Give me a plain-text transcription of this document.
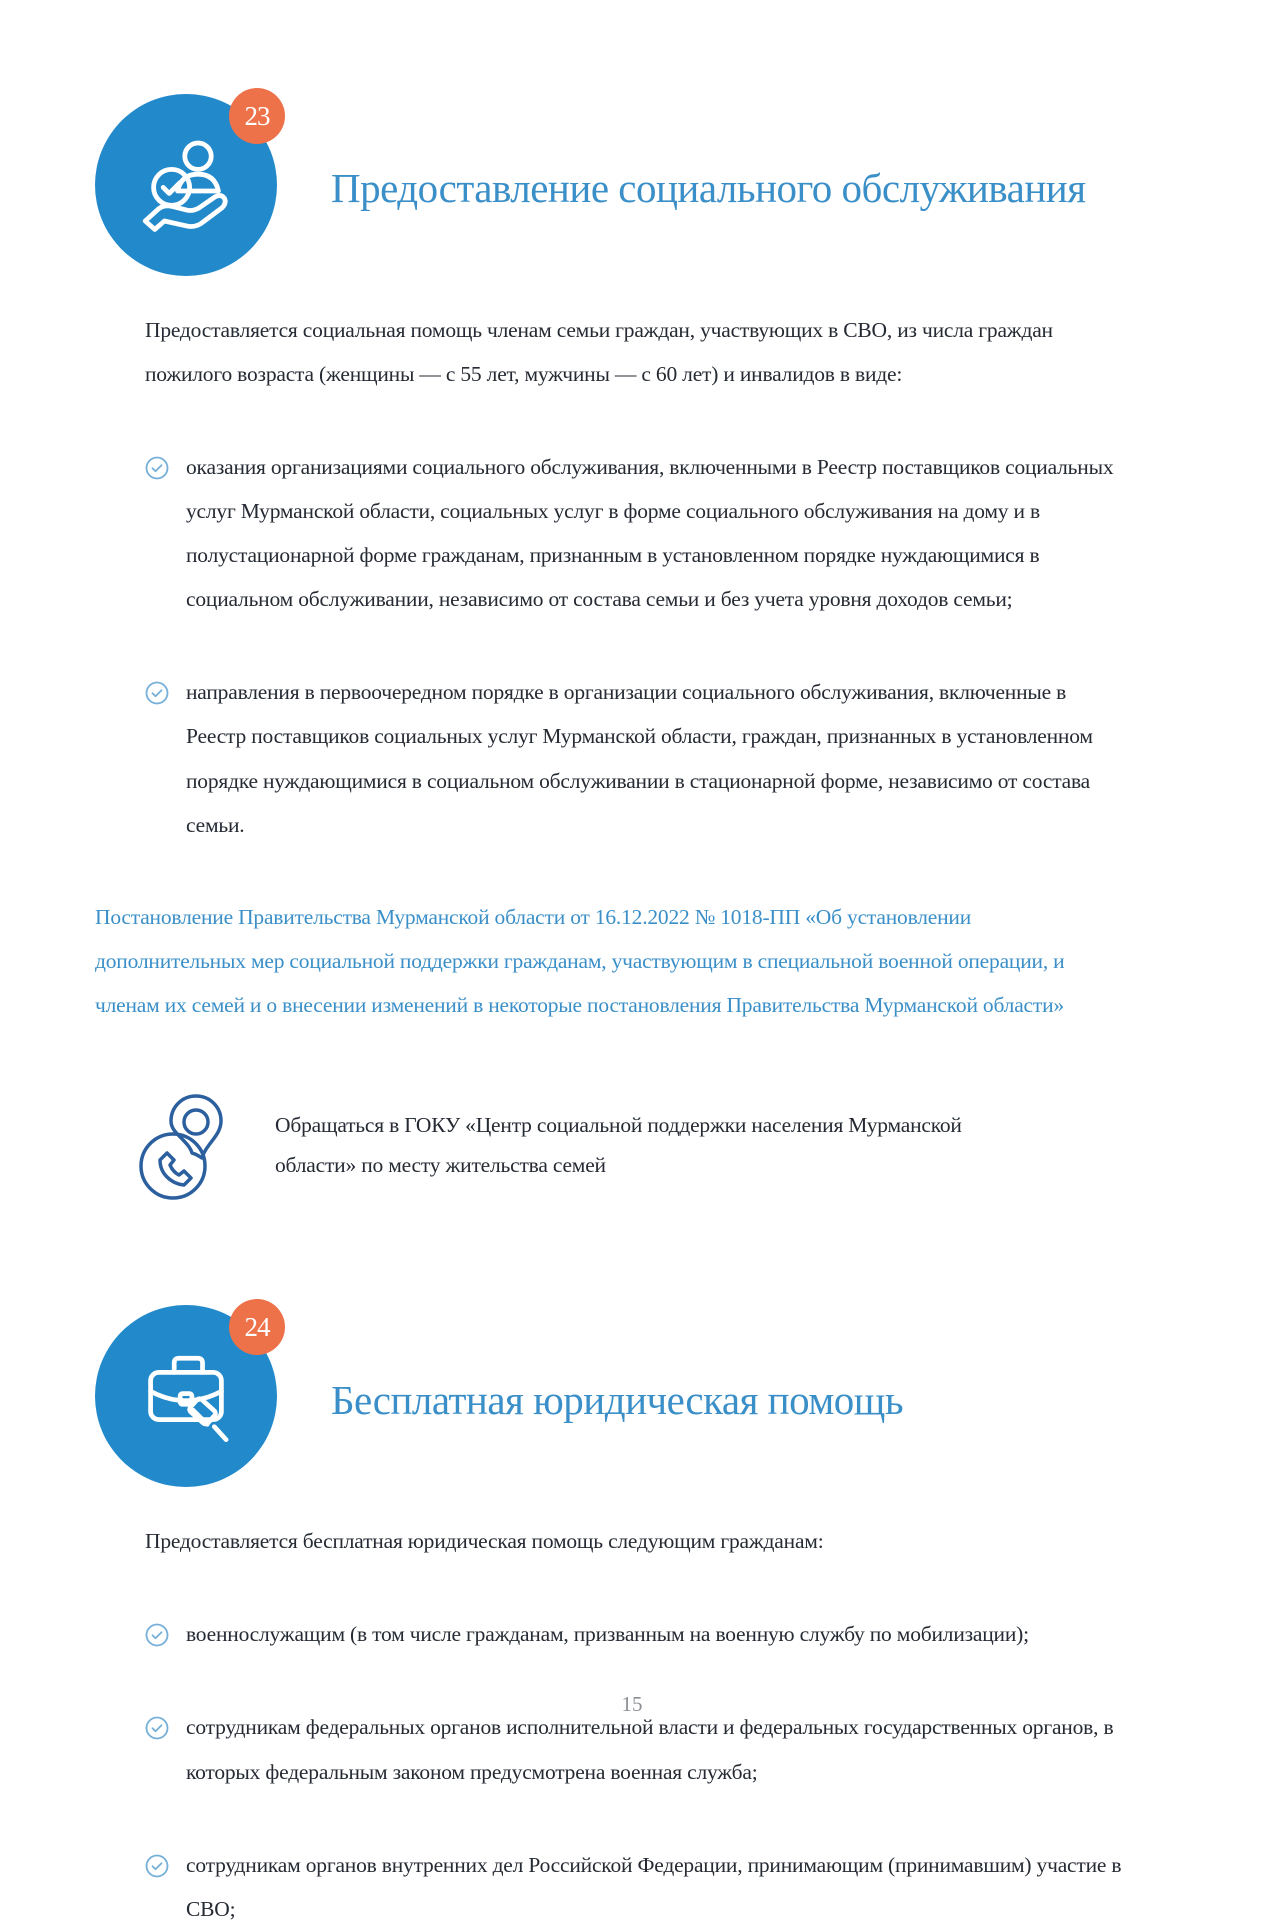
23
Предоставление социального обслуживания

Предоставляется социальная помощь членам семьи граждан, участвующих в СВО, из числа граждан пожилого возраста (женщины — с 55 лет, мужчины — с 60 лет) и инвалидов в виде:

оказания организациями социального обслуживания, включенными в Реестр поставщиков социальных услуг Мурманской области, социальных услуг в форме социального обслуживания на дому и в полустационарной форме гражданам, признанным в установленном порядке нуждающимися в социальном обслуживании, независимо от состава семьи и без учета уровня доходов семьи;
направления в первоочередном порядке в организации социального обслуживания, включенные в Реестр поставщиков социальных услуг Мурманской области, граждан, признанных в установленном порядке нуждающимися в социальном обслуживании в стационарной форме, независимо от состава семьи.

Постановление Правительства Мурманской области от 16.12.2022 № 1018-ПП «Об установлении дополнительных мер социальной поддержки гражданам, участвующим в специальной военной операции, и членам их семей и о внесении изменений в некоторые постановления Правительства Мурманской области»

Обращаться в ГОКУ «Центр социальной поддержки населения Мурманской области» по месту жительства семей

24
Бесплатная юридическая помощь

Предоставляется бесплатная юридическая помощь следующим гражданам:

военнослужащим (в том числе гражданам, призванным на военную службу по мобилизации);
сотрудникам федеральных органов исполнительной власти и федеральных государственных органов, в которых федеральным законом предусмотрена военная служба;
сотрудникам органов внутренних дел Российской Федерации, принимающим (принимавшим) участие в СВО;
15
